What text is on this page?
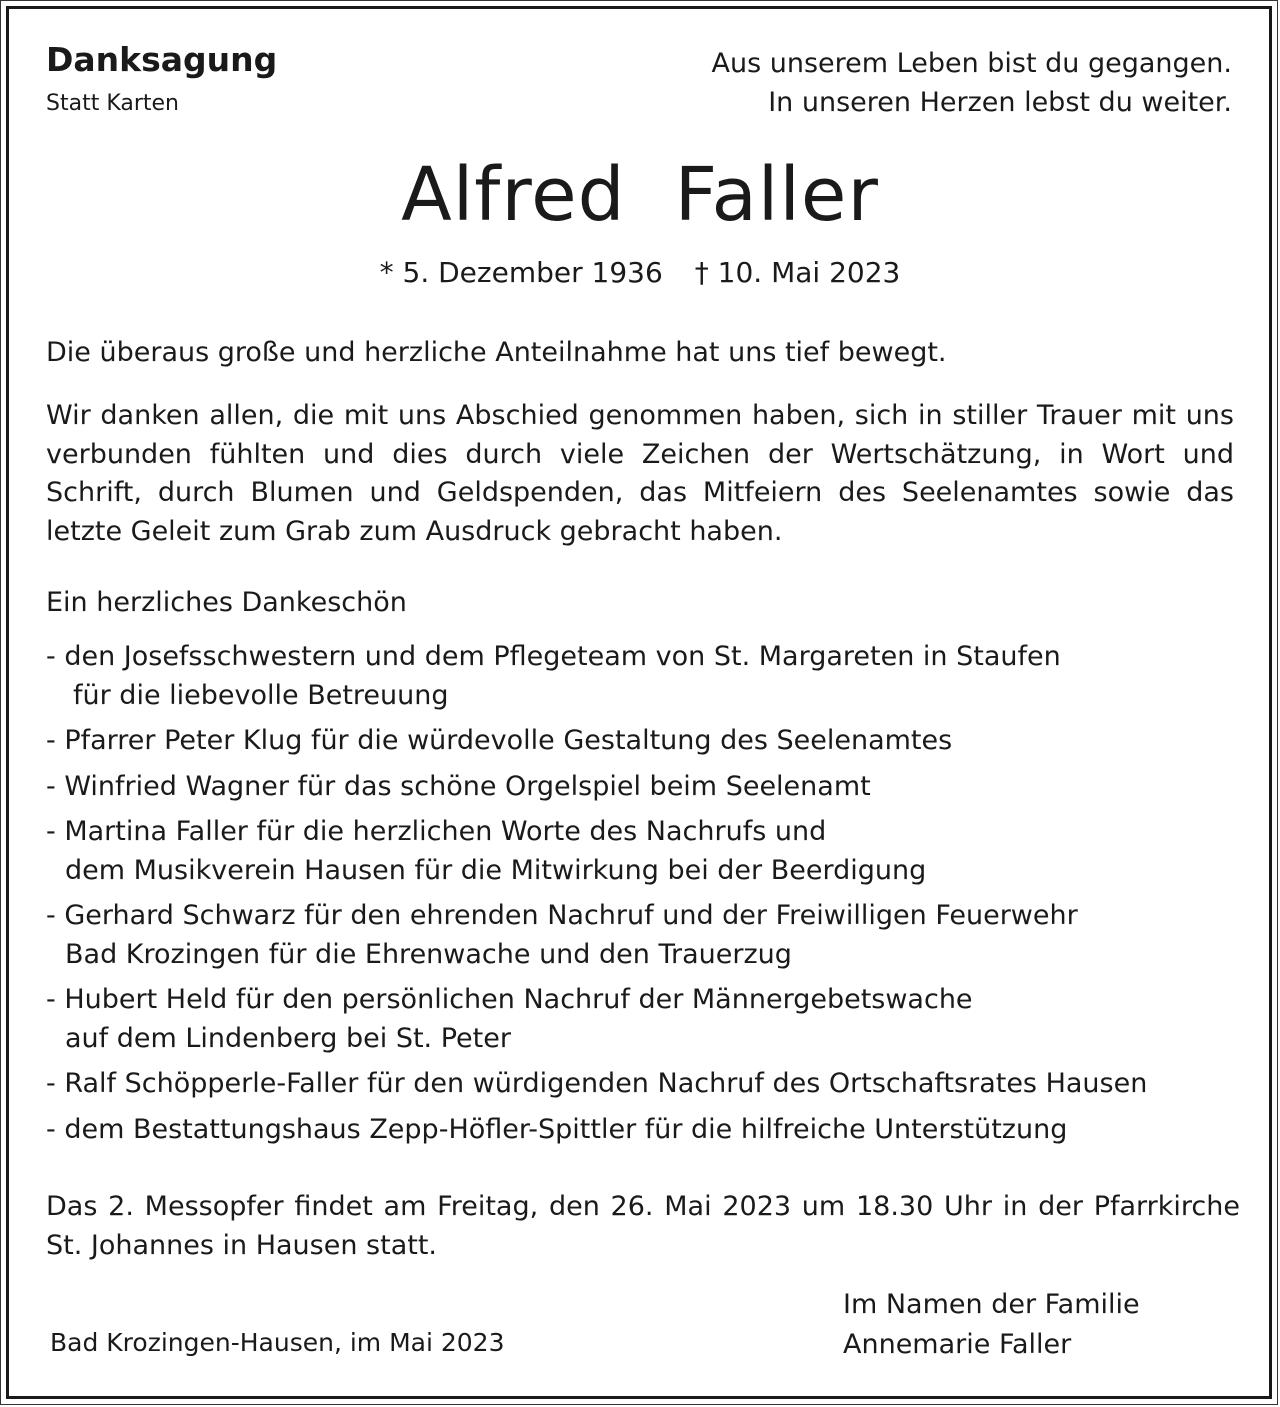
Danksagung
Statt Karten
Aus unserem Leben bist du gegangen.
In unseren Herzen lebst du weiter.
Alfred  Faller
* 5. Dezember 1936 † 10. Mai 2023
Die überaus große und herzliche Anteilnahme hat uns tief bewegt.
Wir danken allen, die mit uns Abschied genommen haben, sich in stiller Trauer mit uns verbunden fühlten und dies durch viele Zeichen der Wertschätzung, in Wort und Schrift, durch Blumen und Geldspenden, das Mitfeiern des Seelenamtes sowie das letzte Geleit zum Grab zum Ausdruck gebracht haben.
Ein herzliches Dankeschön
- den Josefsschwestern und dem Pflegeteam von St. Margareten in Staufen
für die liebevolle Betreuung
- Pfarrer Peter Klug für die würdevolle Gestaltung des Seelenamtes
- Winfried Wagner für das schöne Orgelspiel beim Seelenamt
- Martina Faller für die herzlichen Worte des Nachrufs und
dem Musikverein Hausen für die Mitwirkung bei der Beerdigung
- Gerhard Schwarz für den ehrenden Nachruf und der Freiwilligen Feuerwehr
Bad Krozingen für die Ehrenwache und den Trauerzug
- Hubert Held für den persönlichen Nachruf der Männergebetswache
auf dem Lindenberg bei St. Peter
- Ralf Schöpperle-Faller für den würdigenden Nachruf des Ortschaftsrates Hausen
- dem Bestattungshaus Zepp-Höfler-Spittler für die hilfreiche Unterstützung
Das 2. Messopfer findet am Freitag, den 26. Mai 2023 um 18.30 Uhr in der Pfarrkirche St. Johannes in Hausen statt.
Im Namen der Familie
Annemarie Faller
Bad Krozingen-Hausen, im Mai 2023
